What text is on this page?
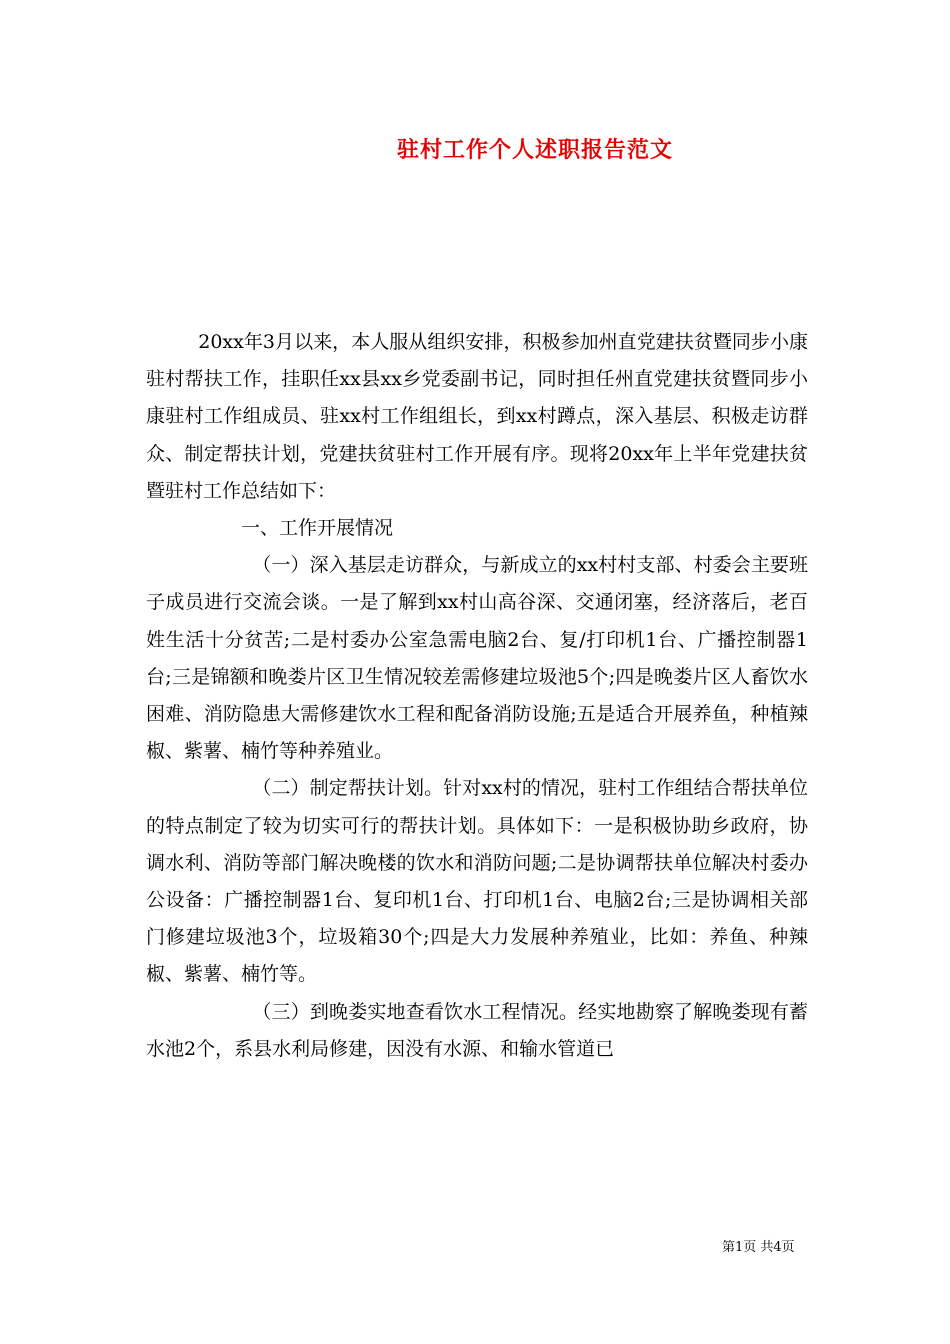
驻村工作个人述职报告范文

20xx年3月以来，本人服从组织安排，积极参加州直党建扶贫暨同步小康驻村帮扶工作，挂职任xx县xx乡党委副书记，同时担任州直党建扶贫暨同步小康驻村工作组成员、驻xx村工作组组长，到xx村蹲点，深入基层、积极走访群众、制定帮扶计划，党建扶贫驻村工作开展有序。现将20xx年上半年党建扶贫暨驻村工作总结如下：

一、工作开展情况

（一）深入基层走访群众，与新成立的xx村村支部、村委会主要班子成员进行交流会谈。一是了解到xx村山高谷深、交通闭塞，经济落后，老百姓生活十分贫苦;二是村委办公室急需电脑2台、复/打印机1台、广播控制器1台;三是锦额和晚娄片区卫生情况较差需修建垃圾池5个;四是晚娄片区人畜饮水困难、消防隐患大需修建饮水工程和配备消防设施;五是适合开展养鱼，种植辣椒、紫薯、楠竹等种养殖业。

（二）制定帮扶计划。针对xx村的情况，驻村工作组结合帮扶单位的特点制定了较为切实可行的帮扶计划。具体如下：一是积极协助乡政府，协调水利、消防等部门解决晚楼的饮水和消防问题;二是协调帮扶单位解决村委办公设备：广播控制器1台、复印机1台、打印机1台、电脑2台;三是协调相关部门修建垃圾池3个，垃圾箱30个;四是大力发展种养殖业，比如：养鱼、种辣椒、紫薯、楠竹等。

（三）到晚娄实地查看饮水工程情况。经实地勘察了解晚娄现有蓄水池2个，系县水利局修建，因没有水源、和输水管道已

第1页 共4页
